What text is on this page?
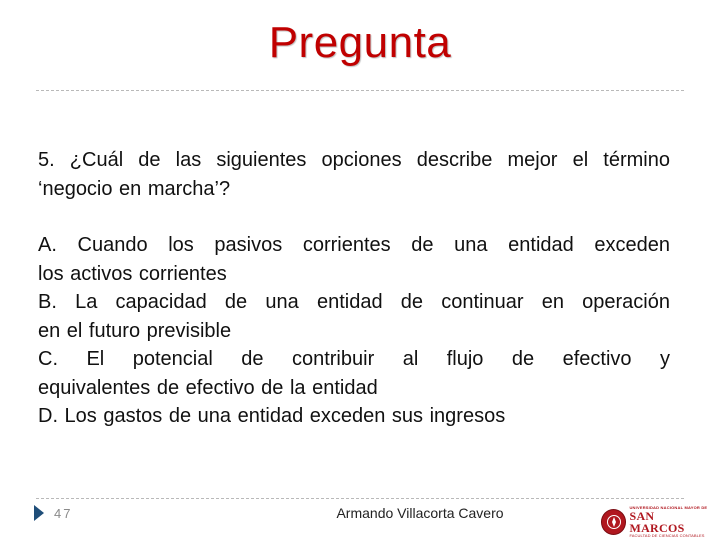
Pregunta
5. ¿Cuál de las siguientes opciones describe mejor el término ‘negocio en marcha’?
A. Cuando los pasivos corrientes de una entidad exceden
los activos corrientes
B. La capacidad de una entidad de continuar en operación
en el futuro previsible
C. El potencial de contribuir al flujo de efectivo y
equivalentes de efectivo de la entidad
D. Los gastos de una entidad exceden sus ingresos
47	Armando Villacorta Cavero	UNIVERSIDAD NACIONAL MAYOR DE
SAN MARCOS
FACULTAD DE CIENCIAS CONTABLES
